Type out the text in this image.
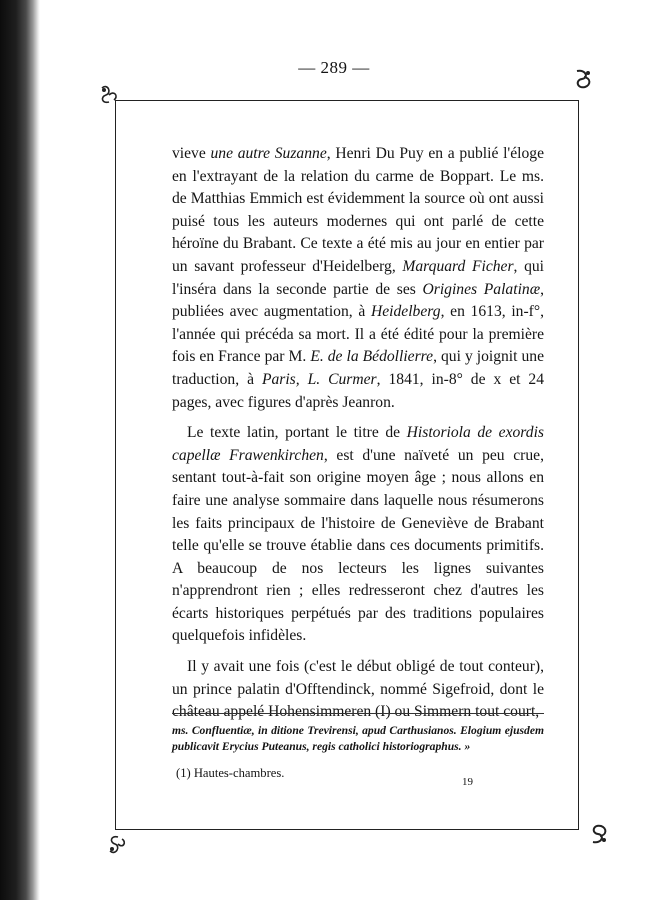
— 289 —

vieve une autre Suzanne, Henri Du Puy en a publié l'éloge en l'extrayant de la relation du carme de Boppart. Le ms. de Matthias Emmich est évidemment la source où ont aussi puisé tous les auteurs modernes qui ont parlé de cette héroïne du Brabant. Ce texte a été mis au jour en entier par un savant professeur d'Heidelberg, Marquard Ficher, qui l'inséra dans la seconde partie de ses Origines Palatinæ, publiées avec augmentation, à Heidelberg, en 1613, in-f°, l'année qui précéda sa mort. Il a été édité pour la première fois en France par M. E. de la Bédollierre, qui y joignit une traduction, à Paris, L. Curmer, 1841, in-8° de x et 24 pages, avec figures d'après Jeanron.

Le texte latin, portant le titre de Historiola de exordis capellæ Frawenkirchen, est d'une naïveté un peu crue, sentant tout-à-fait son origine moyen âge ; nous allons en faire une analyse sommaire dans laquelle nous résumerons les faits principaux de l'histoire de Geneviève de Brabant telle qu'elle se trouve établie dans ces documents primitifs. A beaucoup de nos lecteurs les lignes suivantes n'apprendront rien ; elles redresseront chez d'autres les écarts historiques perpétués par des traditions populaires quelquefois infidèles.

Il y avait une fois (c'est le début obligé de tout conteur), un prince palatin d'Offtendinck, nommé Sigefroid, dont le château appelé Hohensimmeren (I) ou Simmern tout court,

ms. Confluentiæ, in ditione Trevirensi, apud Carthusianos. Elogium ejusdem publicavit Erycius Puteanus, regis catholici historiographus. »
(1) Hautes-chambres.
19
